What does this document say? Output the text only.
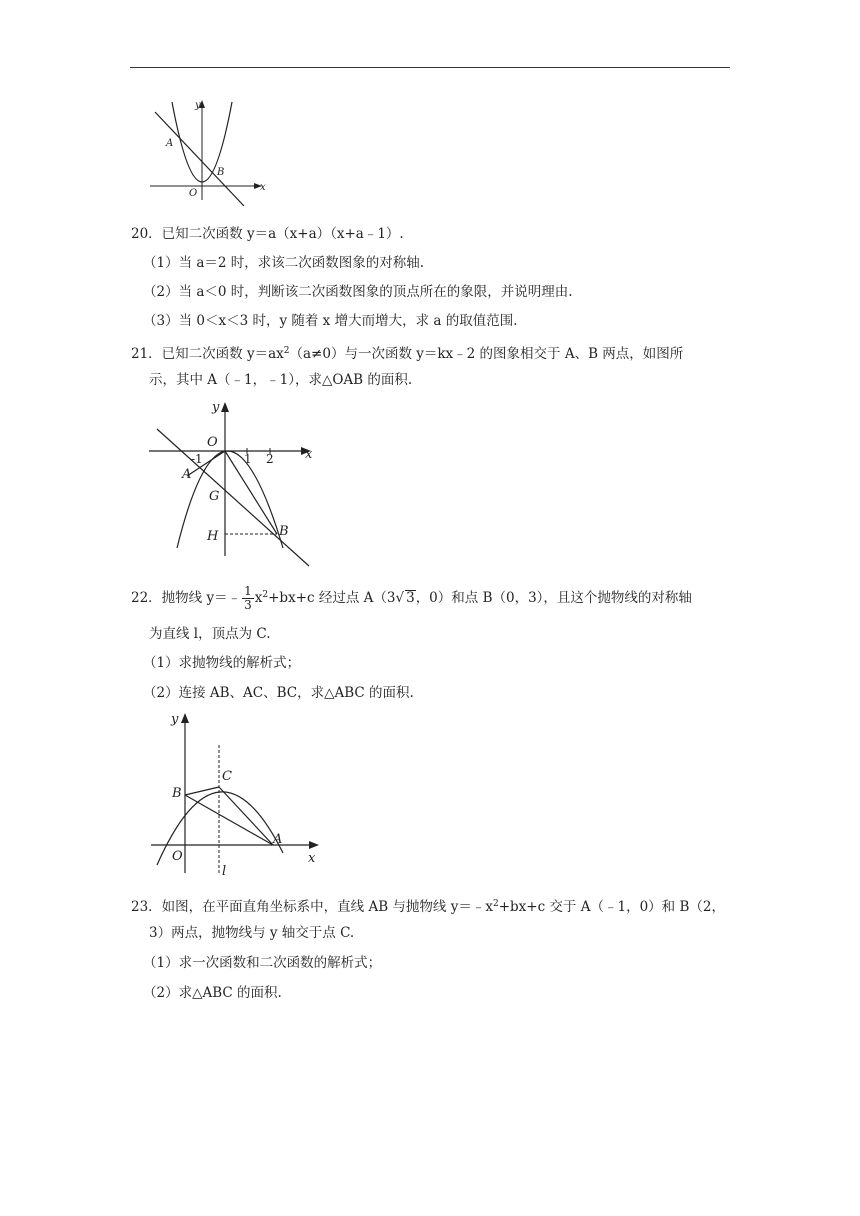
y
x
A
B
O
20．已知二次函数 y＝a（x+a）（x+a﹣1）.
（1）当 a＝2 时，求该二次函数图象的对称轴.
（2）当 a＜0 时，判断该二次函数图象的顶点所在的象限，并说明理由.
（3）当 0＜x＜3 时，y 随着 x 增大而增大，求 a 的取值范围.
21．已知二次函数 $y=ax^2(a\ne 0)$与一次函数 y＝kx﹣2 的图象相交于 A、B 两点，如图所
示，其中 A（﹣1，﹣1），求△OAB 的面积.
y
x
O
-1	1 2
A
G
H	B
22．抛物线 y＝﹣ $\frac{1}{3} x^2+bx+c$ 经过点 A（3√ 3，0）和点 B（0，3），且这个抛物线的对称轴
为直线 l，顶点为 C.
（1）求抛物线的解析式；
（2）连接 AB、AC、BC，求△ABC 的面积.
y
x
O
B
C
A
l
23．如图，在平面直角坐标系中，直线 AB 与抛物线 $y=﹣x^2+bx+c$ 交于 A（﹣1，0）和 B（2，
3）两点，抛物线与 y 轴交于点 C.
（1）求一次函数和二次函数的解析式；
（2）求△ABC 的面积.
